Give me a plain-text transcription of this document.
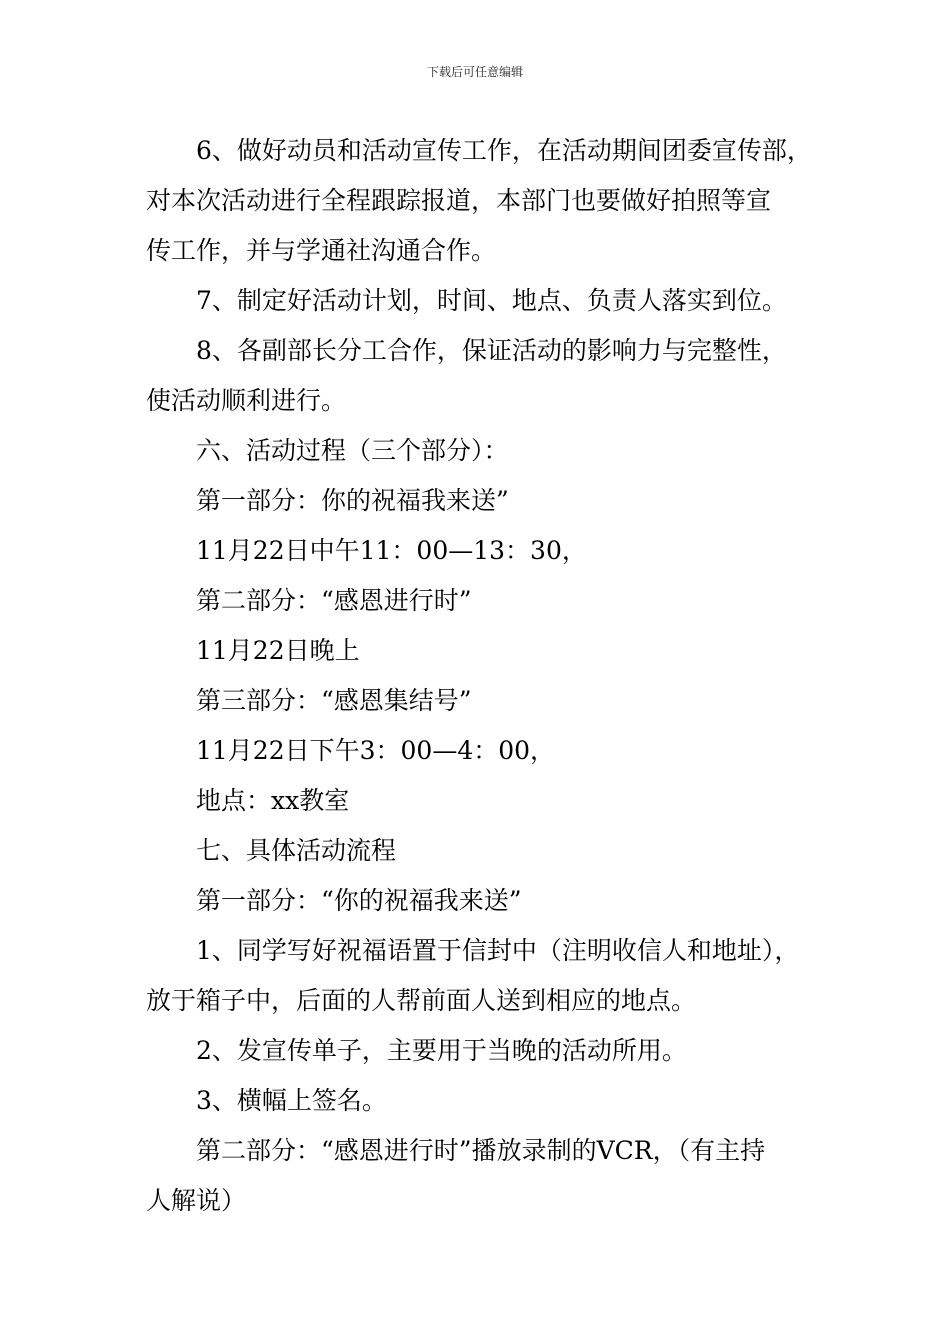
下载后可任意编辑
6、做好动员和活动宣传工作，在活动期间团委宣传部，
对本次活动进行全程跟踪报道，本部门也要做好拍照等宣
传工作，并与学通社沟通合作。
7、制定好活动计划，时间、地点、负责人落实到位。
8、各副部长分工合作，保证活动的影响力与完整性，
使活动顺利进行。
六、活动过程（三个部分）：
第一部分：你的祝福我来送”
11月22日中午11：00—13：30，
第二部分：“感恩进行时”
11月22日晚上
第三部分：“感恩集结号”
11月22日下午3：00—4：00，
地点：xx教室
七、具体活动流程
第一部分：“你的祝福我来送”
1、同学写好祝福语置于信封中（注明收信人和地址），
放于箱子中，后面的人帮前面人送到相应的地点。
2、发宣传单子，主要用于当晚的活动所用。
3、横幅上签名。
第二部分：“感恩进行时”播放录制的VCR，（有主持
人解说）
